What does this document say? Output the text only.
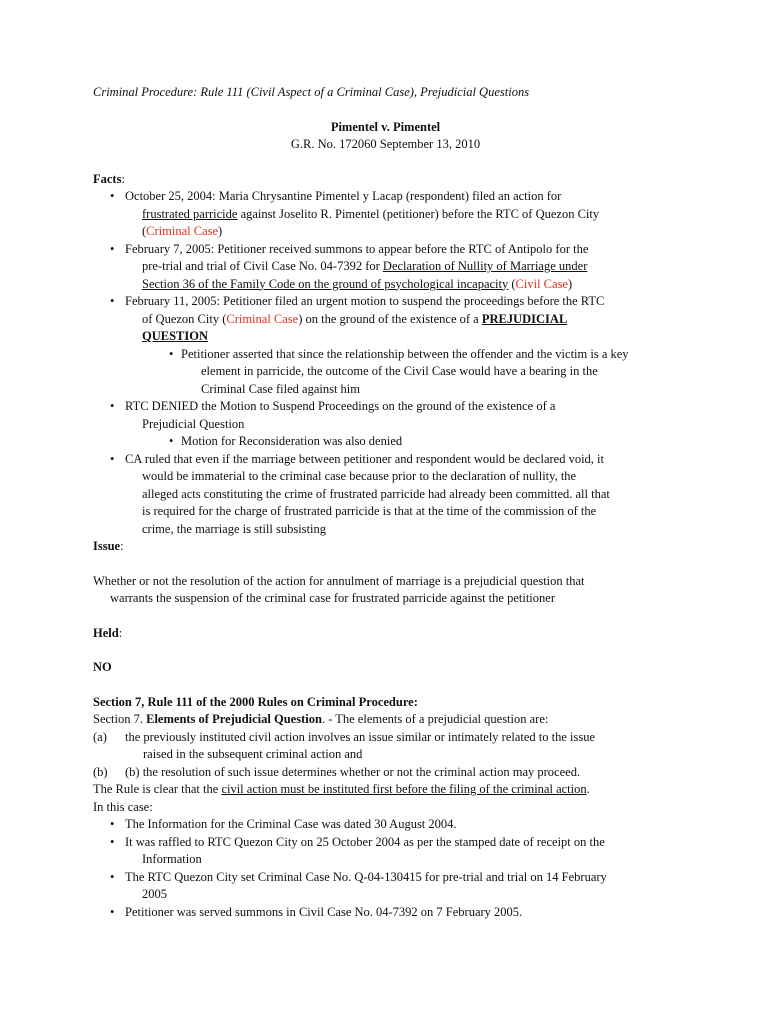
Criminal Procedure: Rule 111 (Civil Aspect of a Criminal Case), Prejudicial Questions
Pimentel v. Pimentel
G.R. No. 172060 September 13, 2010
Facts:
• October 25, 2004: Maria Chrysantine Pimentel y Lacap (respondent) filed an action for
frustrated parricide against Joselito R. Pimentel (petitioner) before the RTC of Quezon City
(Criminal Case)
• February 7, 2005: Petitioner received summons to appear before the RTC of Antipolo for the
pre-trial and trial of Civil Case No. 04-7392 for Declaration of Nullity of Marriage under
Section 36 of the Family Code on the ground of psychological incapacity (Civil Case)
• February 11, 2005: Petitioner filed an urgent motion to suspend the proceedings before the RTC
of Quezon City (Criminal Case) on the ground of the existence of a PREJUDICIAL
QUESTION
• Petitioner asserted that since the relationship between the offender and the victim is a key
element in parricide, the outcome of the Civil Case would have a bearing in the
Criminal Case filed against him
• RTC DENIED the Motion to Suspend Proceedings on the ground of the existence of a
Prejudicial Question
• Motion for Reconsideration was also denied
• CA ruled that even if the marriage between petitioner and respondent would be declared void, it
would be immaterial to the criminal case because prior to the declaration of nullity, the
alleged acts constituting the crime of frustrated parricide had already been committed. all that
is required for the charge of frustrated parricide is that at the time of the commission of the
crime, the marriage is still subsisting
Issue:
Whether or not the resolution of the action for annulment of marriage is a prejudicial question that
warrants the suspension of the criminal case for frustrated parricide against the petitioner
Held:
NO
Section 7, Rule 111 of the 2000 Rules on Criminal Procedure:
Section 7. Elements of Prejudicial Question. - The elements of a prejudicial question are:
(a) the previously instituted civil action involves an issue similar or intimately related to the issue
raised in the subsequent criminal action and
(b) (b) the resolution of such issue determines whether or not the criminal action may proceed.
The Rule is clear that the civil action must be instituted first before the filing of the criminal action.
In this case:
• The Information for the Criminal Case was dated 30 August 2004.
• It was raffled to RTC Quezon City on 25 October 2004 as per the stamped date of receipt on the
Information
• The RTC Quezon City set Criminal Case No. Q-04-130415 for pre-trial and trial on 14 February
2005
• Petitioner was served summons in Civil Case No. 04-7392 on 7 February 2005.
